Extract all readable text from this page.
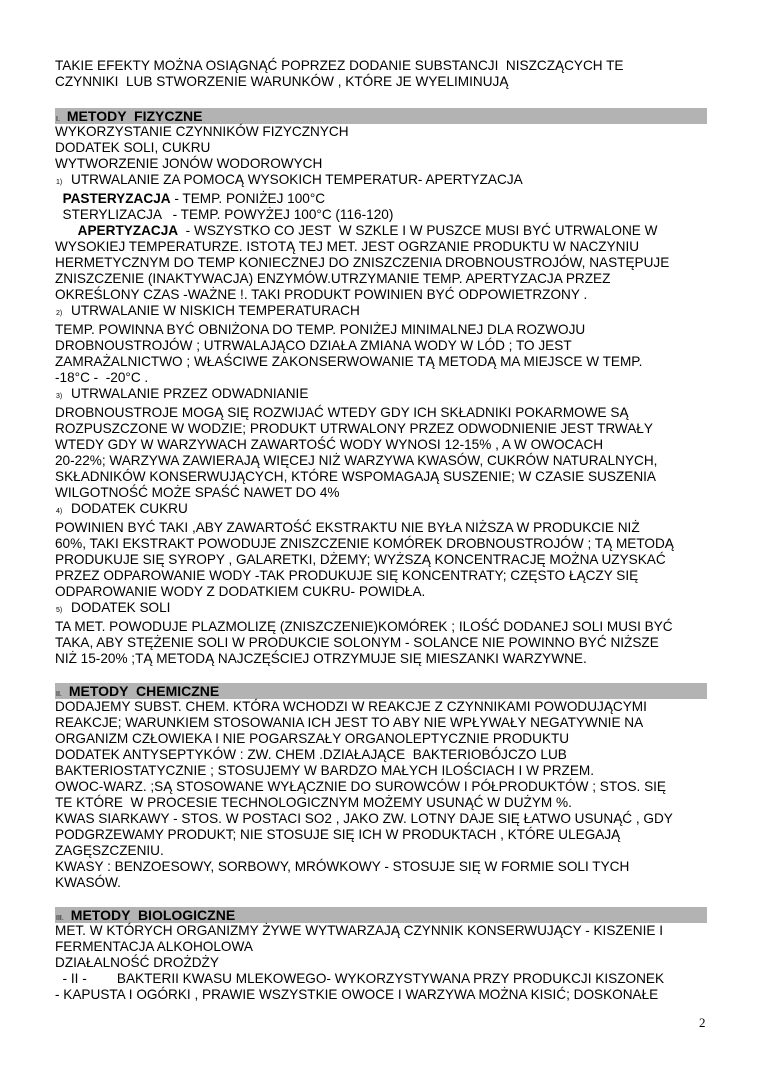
TAKIE EFEKTY MOŻNA OSIĄGNĄĆ POPRZEZ DODANIE SUBSTANCJI  NISZCZĄCYCH TE
CZYNNIKI  LUB STWORZENIE WARUNKÓW , KTÓRE JE WYELIMINUJĄ
I. METODY  FIZYCZNE
WYKORZYSTANIE CZYNNIKÓW FIZYCZNYCH
DODATEK SOLI, CUKRU
WYTWORZENIE JONÓW WODOROWYCH
1) UTRWALANIE ZA POMOCĄ WYSOKICH TEMPERATUR- APERTYZACJA
PASTERYZACJA - TEMP. PONIŻEJ 100°C
STERYLIZACJA   - TEMP. POWYŻEJ 100°C (116-120)
APERTYZACJA  - WSZYSTKO CO JEST  W SZKLE I W PUSZCE MUSI BYĆ UTRWALONE W
WYSOKIEJ TEMPERATURZE. ISTOTĄ TEJ MET. JEST OGRZANIE PRODUKTU W NACZYNIU
HERMETYCZNYM DO TEMP KONIECZNEJ DO ZNISZCZENIA DROBNOUSTROJÓW, NASTĘPUJE
ZNISZCZENIE (INAKTYWACJA) ENZYMÓW.UTRZYMANIE TEMP. APERTYZACJA PRZEZ
OKREŚLONY CZAS -WAŻNE !. TAKI PRODUKT POWINIEN BYĆ ODPOWIETRZONY .
2) UTRWALANIE W NISKICH TEMPERATURACH
TEMP. POWINNA BYĆ OBNIŻONA DO TEMP. PONIŻEJ MINIMALNEJ DLA ROZWOJU
DROBNOUSTROJÓW ; UTRWALAJĄCO DZIAŁA ZMIANA WODY W LÓD ; TO JEST
ZAMRAŻALNICTWO ; WŁAŚCIWE ZAKONSERWOWANIE TĄ METODĄ MA MIEJSCE W TEMP.
-18°C -  -20°C .
3) UTRWALANIE PRZEZ ODWADNIANIE
DROBNOUSTROJE MOGĄ SIĘ ROZWIJAĆ WTEDY GDY ICH SKŁADNIKI POKARMOWE SĄ
ROZPUSZCZONE W WODZIE; PRODUKT UTRWALONY PRZEZ ODWODNIENIE JEST TRWAŁY
WTEDY GDY W WARZYWACH ZAWARTOŚĆ WODY WYNOSI 12-15% , A W OWOCACH
20-22%; WARZYWA ZAWIERAJĄ WIĘCEJ NIŻ WARZYWA KWASÓW, CUKRÓW NATURALNYCH,
SKŁADNIKÓW KONSERWUJĄCYCH, KTÓRE WSPOMAGAJĄ SUSZENIE; W CZASIE SUSZENIA
WILGOTNOŚĆ MOŻE SPAŚĆ NAWET DO 4%
4) DODATEK CUKRU
POWINIEN BYĆ TAKI ,ABY ZAWARTOŚĆ EKSTRAKTU NIE BYŁA NIŻSZA W PRODUKCIE NIŻ
60%, TAKI EKSTRAKT POWODUJE ZNISZCZENIE KOMÓREK DROBNOUSTROJÓW ; TĄ METODĄ
PRODUKUJE SIĘ SYROPY , GALARETKI, DŻEMY; WYŻSZĄ KONCENTRACJĘ MOŻNA UZYSKAĆ
PRZEZ ODPAROWANIE WODY -TAK PRODUKUJE SIĘ KONCENTRATY; CZĘSTO ŁĄCZY SIĘ
ODPAROWANIE WODY Z DODATKIEM CUKRU- POWIDŁA.
5) DODATEK SOLI
TA MET. POWODUJE PLAZMOLIZĘ (ZNISZCZENIE)KOMÓREK ; ILOŚĆ DODANEJ SOLI MUSI BYĆ
TAKA, ABY STĘŻENIE SOLI W PRODUKCIE SOLONYM - SOLANCE NIE POWINNO BYĆ NIŻSZE
NIŻ 15-20% ;TĄ METODĄ NAJCZĘŚCIEJ OTRZYMUJE SIĘ MIESZANKI WARZYWNE.
II. METODY  CHEMICZNE
DODAJEMY SUBST. CHEM. KTÓRA WCHODZI W REAKCJE Z CZYNNIKAMI POWODUJĄCYMI
REAKCJE; WARUNKIEM STOSOWANIA ICH JEST TO ABY NIE WPŁYWAŁY NEGATYWNIE NA
ORGANIZM CZŁOWIEKA I NIE POGARSZAŁY ORGANOLEPTYCZNIE PRODUKTU
DODATEK ANTYSEPTYKÓW : ZW. CHEM .DZIAŁAJĄCE  BAKTERIOBÓJCZO LUB
BAKTERIOSTATYCZNIE ; STOSUJEMY W BARDZO MAŁYCH ILOŚCIACH I W PRZEM.
OWOC-WARZ. ;SĄ STOSOWANE WYŁĄCZNIE DO SUROWCÓW I PÓŁPRODUKTÓW ; STOS. SIĘ
TE KTÓRE  W PROCESIE TECHNOLOGICZNYM MOŻEMY USUNĄĆ W DUŻYM %.
KWAS SIARKAWY - STOS. W POSTACI SO2 , JAKO ZW. LOTNY DAJE SIĘ ŁATWO USUNĄĆ , GDY
PODGRZEWAMY PRODUKT; NIE STOSUJE SIĘ ICH W PRODUKTACH , KTÓRE ULEGAJĄ
ZAGĘSZCZENIU.
KWASY : BENZOESOWY, SORBOWY, MRÓWKOWY - STOSUJE SIĘ W FORMIE SOLI TYCH
KWASÓW.
III. METODY  BIOLOGICZNE
MET. W KTÓRYCH ORGANIZMY ŻYWE WYTWARZAJĄ CZYNNIK KONSERWUJĄCY - KISZENIE I
FERMENTACJA ALKOHOLOWA
DZIAŁALNOŚĆ DROŻDŻY
- II -        BAKTERII KWASU MLEKOWEGO- WYKORZYSTYWANA PRZY PRODUKCJI KISZONEK
- KAPUSTA I OGÓRKI , PRAWIE WSZYSTKIE OWOCE I WARZYWA MOŻNA KISIĆ; DOSKONAŁE
2
